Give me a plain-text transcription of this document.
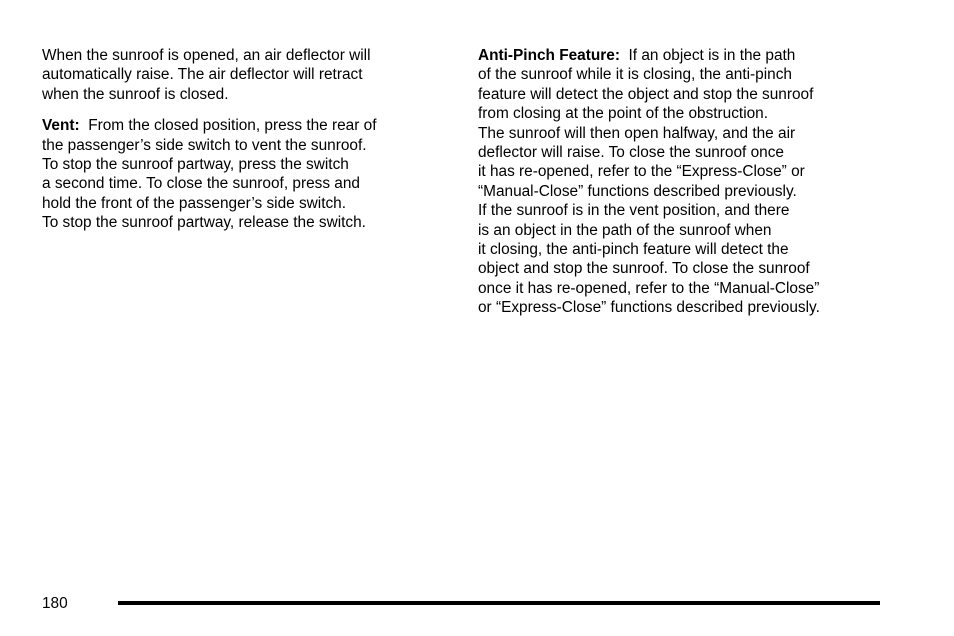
When the sunroof is opened, an air deflector will
automatically raise. The air deflector will retract
when the sunroof is closed.

Vent:  From the closed position, press the rear of
the passenger’s side switch to vent the sunroof.
To stop the sunroof partway, press the switch
a second time. To close the sunroof, press and
hold the front of the passenger’s side switch.
To stop the sunroof partway, release the switch.

Anti-Pinch Feature:  If an object is in the path
of the sunroof while it is closing, the anti-pinch
feature will detect the object and stop the sunroof
from closing at the point of the obstruction.
The sunroof will then open halfway, and the air
deflector will raise. To close the sunroof once
it has re-opened, refer to the “Express-Close” or
“Manual-Close” functions described previously.
If the sunroof is in the vent position, and there
is an object in the path of the sunroof when
it closing, the anti-pinch feature will detect the
object and stop the sunroof. To close the sunroof
once it has re-opened, refer to the “Manual-Close”
or “Express-Close” functions described previously.

180
